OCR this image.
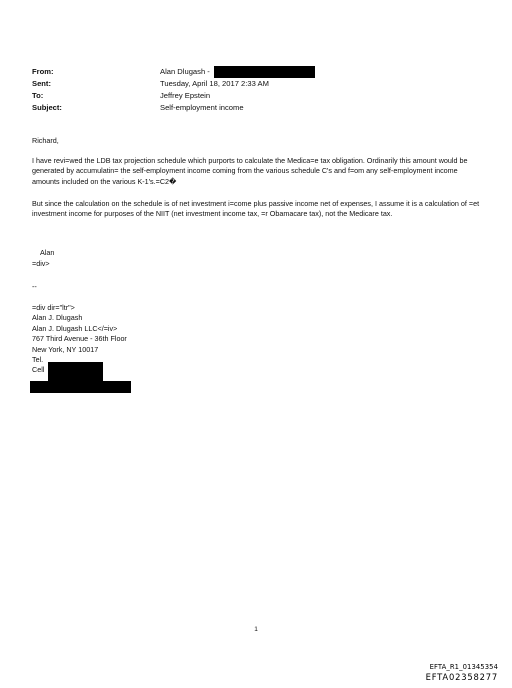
From:	Alan Dlugash -
Sent:	Tuesday, April 18, 2017 2:33 AM
To:	Jeffrey Epstein
Subject:	Self-employment income
Richard,
I have revi=wed the LDB tax projection schedule which purports to calculate the Medica=e tax obligation. Ordinarily this amount would be generated by accumulatin= the self-employment income coming from the various schedule C's and f=om any self-employment income amounts included on the various K-1's.=C2�
But since the calculation on the schedule is of net investment i=come plus passive income net of expenses, I assume it is a calculation of =et investment income for purposes of the NIIT (net investment income tax, =r Obamacare tax), not the Medicare tax.
Alan
=div>
--
=div dir="ltr">
Alan J. Dlugash
Alan J. Dlugash LLC</=iv>
767 Third Avenue - 36th Floor
New York, NY 10017
Tel.
Cell
1
EFTA_R1_01345354
EFTA02358277
